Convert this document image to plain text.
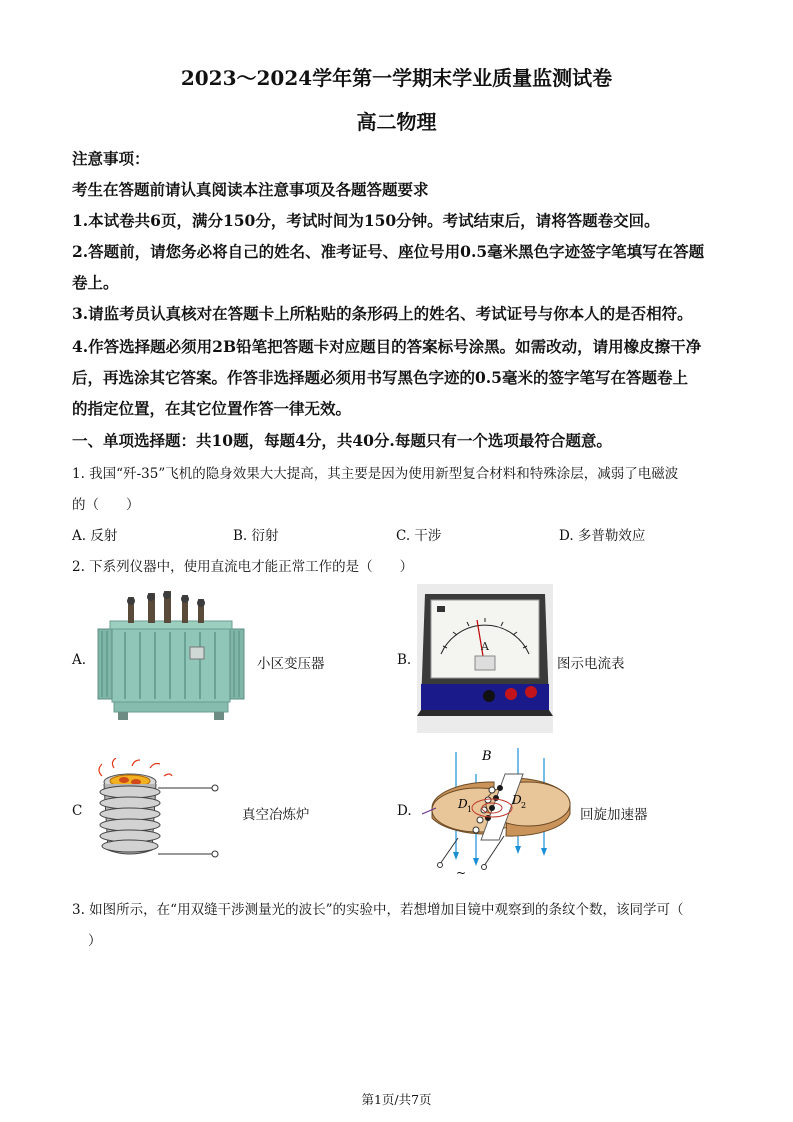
2023～2024学年第一学期末学业质量监测试卷
高二物理
注意事项：
考生在答题前请认真阅读本注意事项及各题答题要求
1.本试卷共6页，满分150分，考试时间为150分钟。考试结束后，请将答题卷交回。
2.答题前，请您务必将自己的姓名、准考证号、座位号用0.5毫米黑色字迹签字笔填写在答题
卷上。
3.请监考员认真核对在答题卡上所粘贴的条形码上的姓名、考试证号与你本人的是否相符。
4.作答选择题必须用2B铅笔把答题卡对应题目的答案标号涂黑。如需改动，请用橡皮擦干净
后，再选涂其它答案。作答非选择题必须用书写黑色字迹的0.5毫米的签字笔写在答题卷上
的指定位置，在其它位置作答一律无效。
一、单项选择题：共10题，每题4分，共40分.每题只有一个选项最符合题意。
1. 我国“歼-35”飞机的隐身效果大大提高，其主要是因为使用新型复合材料和特殊涂层，减弱了电磁波
的（　　）
A. 反射	B. 衍射	C. 干涉	D. 多普勒效应
2. 下系列仪器中，使用直流电才能正常工作的是（　　）
A.	小区变压器	B.
A
图示电流表
C	真空冶炼炉	D.
B
D 1
D 2
~
回旋加速器
3. 如图所示，在“用双缝干涉测量光的波长”的实验中，若想增加目镜中观察到的条纹个数，该同学可（
）
第1页/共7页
